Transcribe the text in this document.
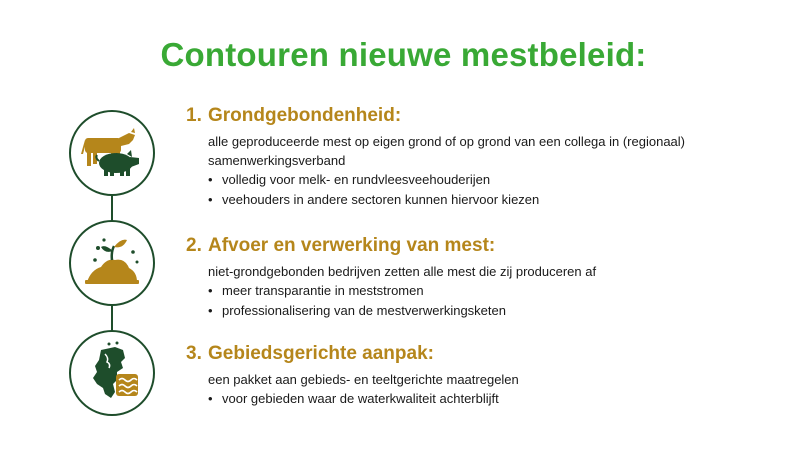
Contouren nieuwe mestbeleid:
1. Grondgebondenheid:
alle geproduceerde mest op eigen grond of op grond van een collega in (regionaal) samenwerkingsverband
• volledig voor melk- en rundvleesveehouderijen
• veehouders in andere sectoren kunnen hiervoor kiezen
2. Afvoer en verwerking van mest:
niet-grondgebonden bedrijven zetten alle mest die zij produceren af
• meer transparantie in meststromen
• professionalisering van de mestverwerkingsketen
3. Gebiedsgerichte aanpak:
een pakket aan gebieds- en teeltgerichte maatregelen
• voor gebieden waar de waterkwaliteit achterblijft
